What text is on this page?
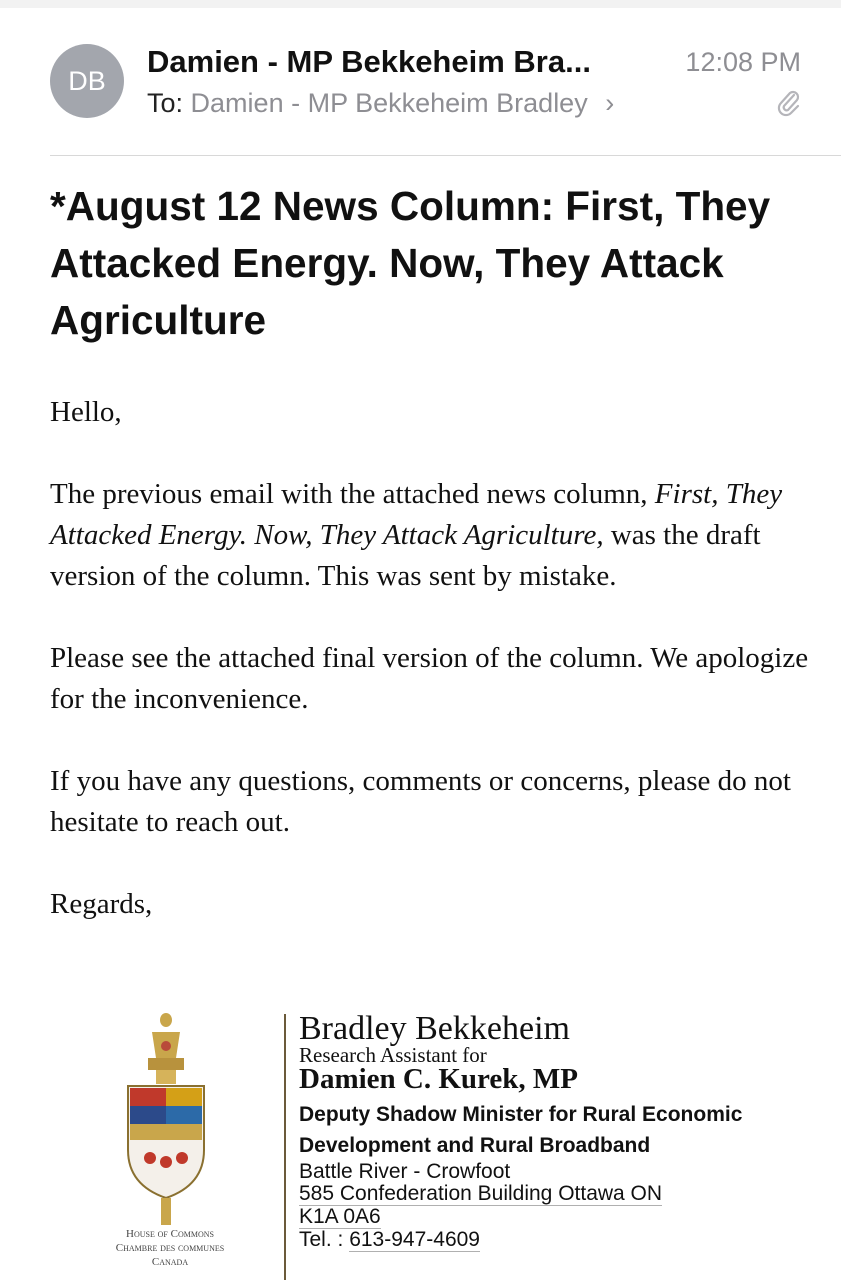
DB
Damien - MP Bekkeheim Bra...	12:08 PM
To: Damien - MP Bekkeheim Bradley ›
*August 12 News Column: First, They Attacked Energy. Now, They Attack Agriculture

Hello,

The previous email with the attached news column, First, They Attacked Energy. Now, They Attack Agriculture, was the draft version of the column. This was sent by mistake.

Please see the attached final version of the column. We apologize for the inconvenience.

If you have any questions, comments or concerns, please do not hesitate to reach out.

Regards,

House of Commons
Chambre des communes
Canada
Bradley Bekkeheim
Research Assistant for
Damien C. Kurek, MP
Deputy Shadow Minister for Rural Economic Development and Rural Broadband
Battle River - Crowfoot
585 Confederation Building Ottawa ON
K1A 0A6
Tel. : 613-947-4609
